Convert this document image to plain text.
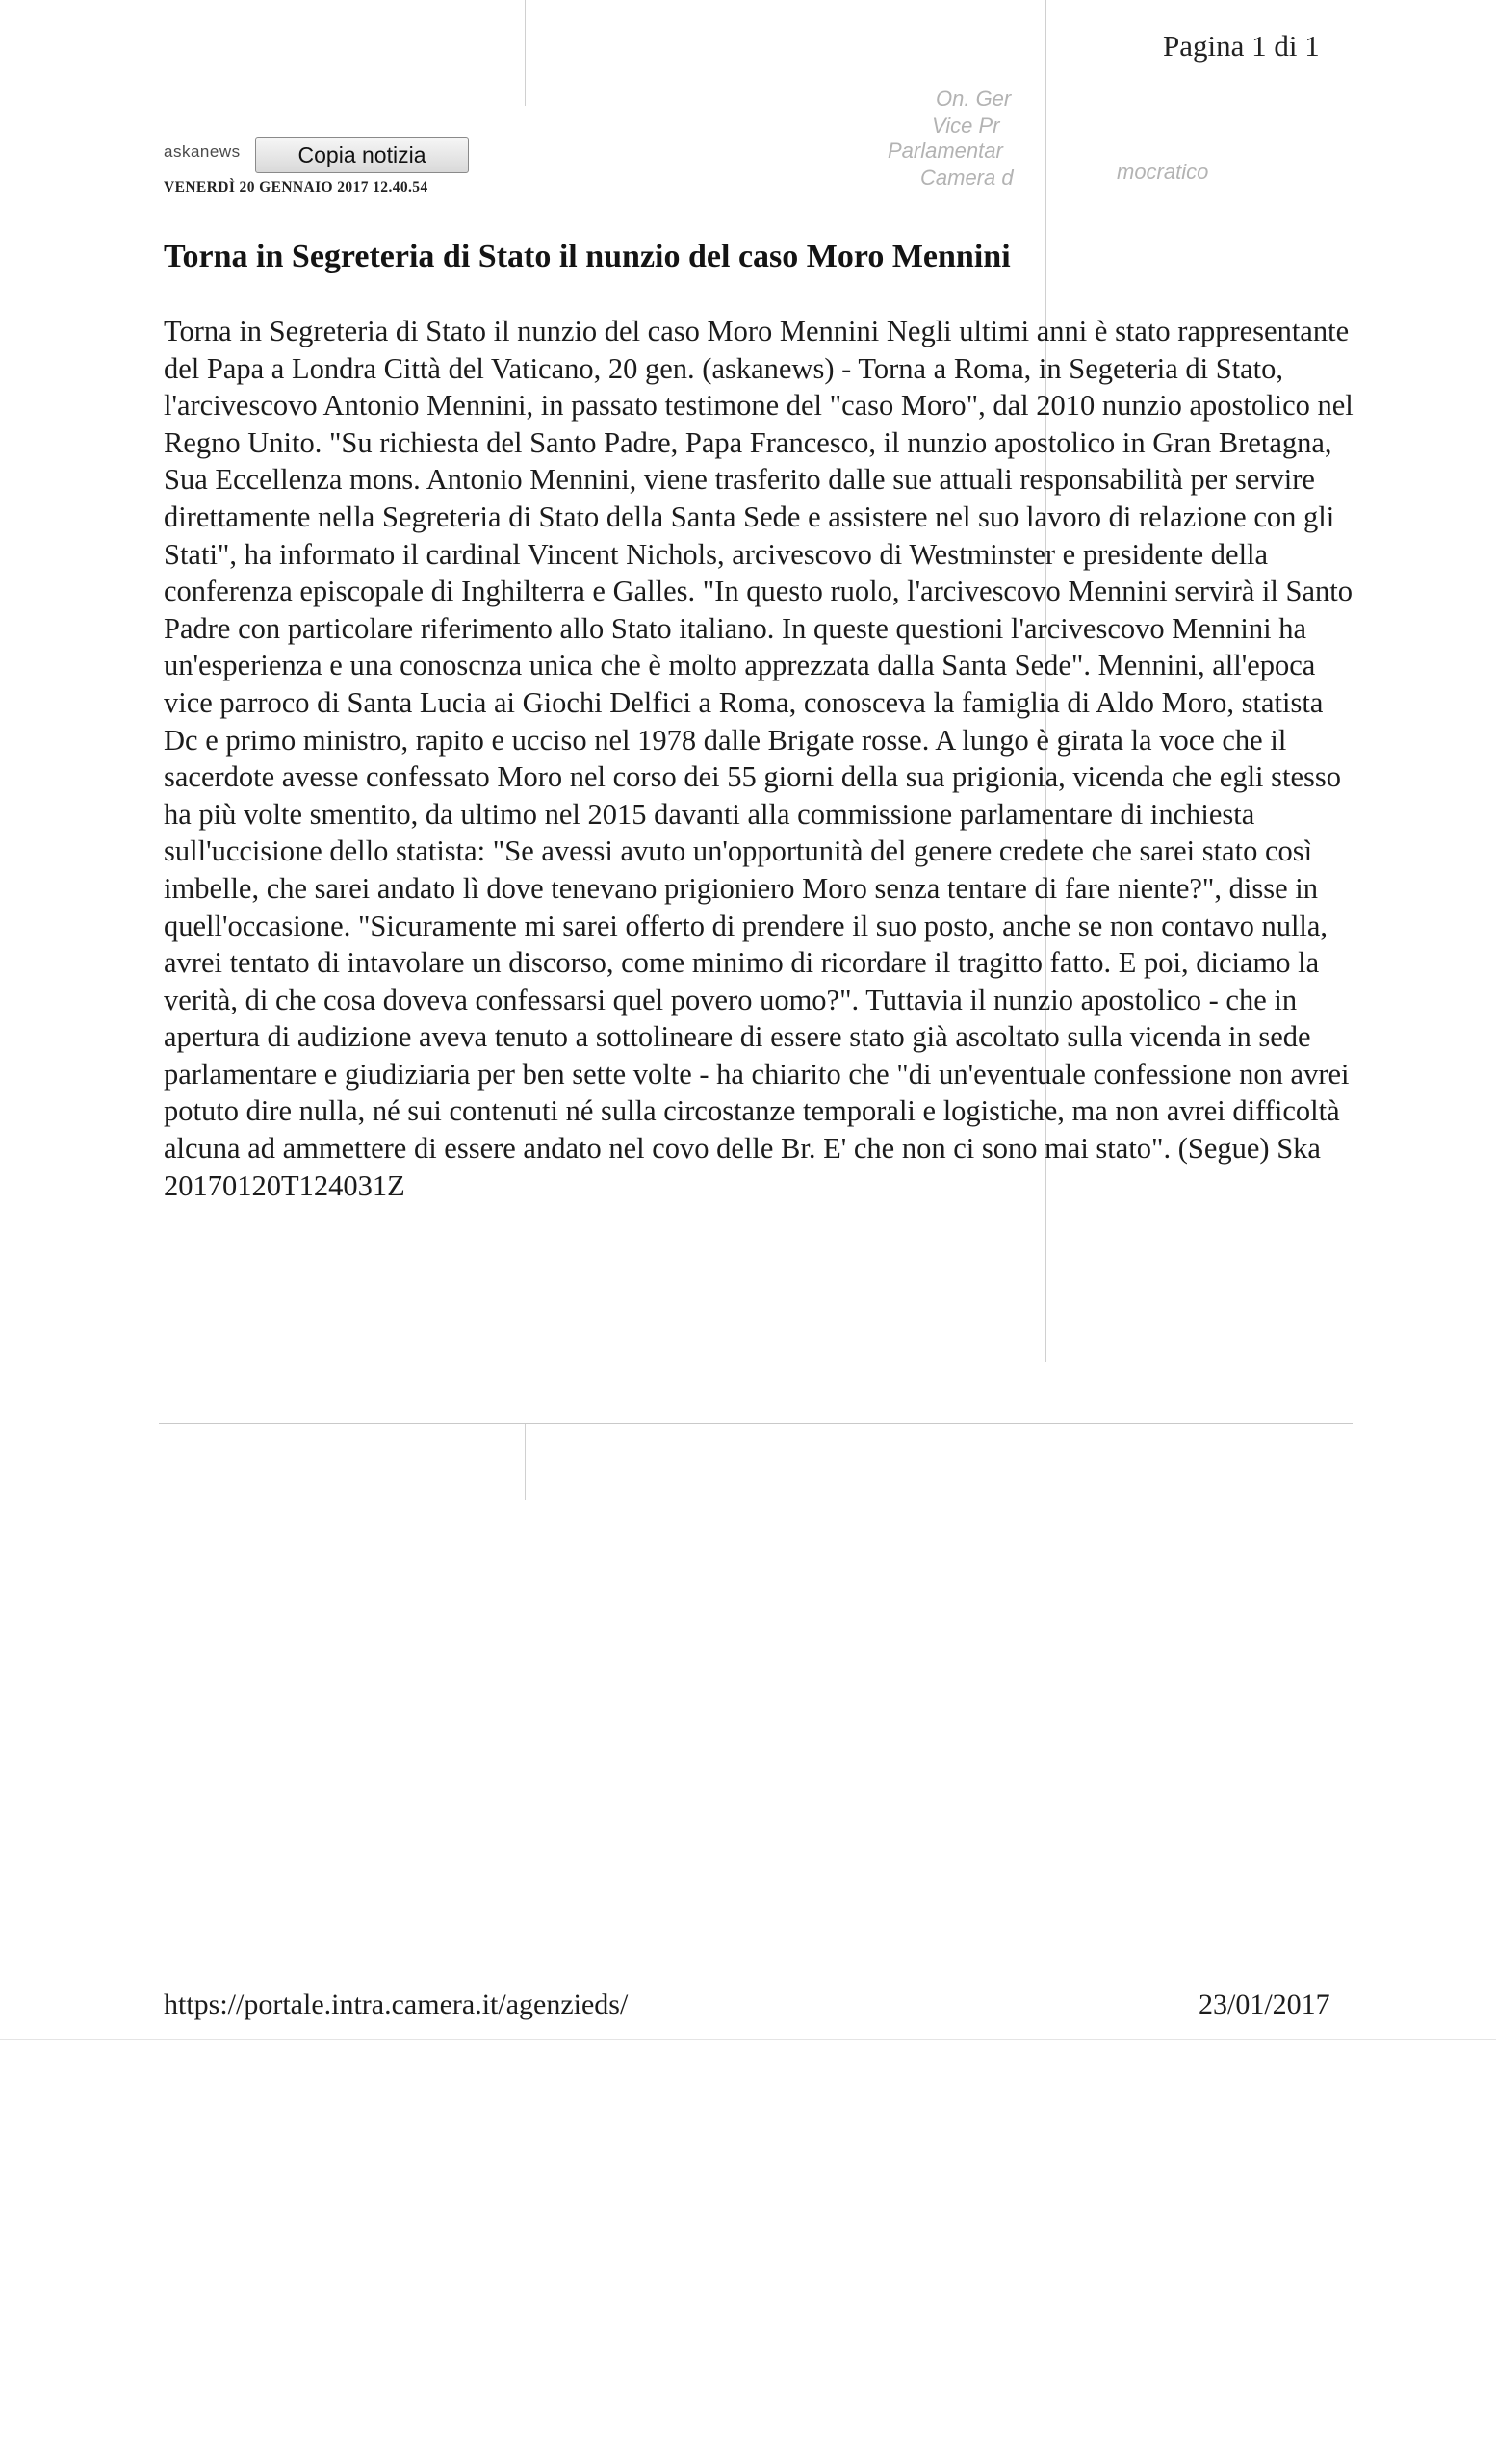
Pagina 1 di 1
askanews	Copia notizia
VENERDÌ 20 GENNAIO 2017 12.40.54
On. Ger
Vice Pr
Parlamentar
Camera d	mocratico
Torna in Segreteria di Stato il nunzio del caso Moro Mennini

Torna in Segreteria di Stato il nunzio del caso Moro Mennini Negli ultimi anni è stato rappresentante del Papa a Londra Città del Vaticano, 20 gen. (askanews) - Torna a Roma, in Segeteria di Stato, l'arcivescovo Antonio Mennini, in passato testimone del "caso Moro", dal 2010 nunzio apostolico nel Regno Unito. "Su richiesta del Santo Padre, Papa Francesco, il nunzio apostolico in Gran Bretagna, Sua Eccellenza mons. Antonio Mennini, viene trasferito dalle sue attuali responsabilità per servire direttamente nella Segreteria di Stato della Santa Sede e assistere nel suo lavoro di relazione con gli Stati", ha informato il cardinal Vincent Nichols, arcivescovo di Westminster e presidente della conferenza episcopale di Inghilterra e Galles. "In questo ruolo, l'arcivescovo Mennini servirà il Santo Padre con particolare riferimento allo Stato italiano. In queste questioni l'arcivescovo Mennini ha un'esperienza e una conoscnza unica che è molto apprezzata dalla Santa Sede". Mennini, all'epoca vice parroco di Santa Lucia ai Giochi Delfici a Roma, conosceva la famiglia di Aldo Moro, statista Dc e primo ministro, rapito e ucciso nel 1978 dalle Brigate rosse. A lungo è girata la voce che il sacerdote avesse confessato Moro nel corso dei 55 giorni della sua prigionia, vicenda che egli stesso ha più volte smentito, da ultimo nel 2015 davanti alla commissione parlamentare di inchiesta sull'uccisione dello statista: "Se avessi avuto un'opportunità del genere credete che sarei stato così imbelle, che sarei andato lì dove tenevano prigioniero Moro senza tentare di fare niente?", disse in quell'occasione. "Sicuramente mi sarei offerto di prendere il suo posto, anche se non contavo nulla, avrei tentato di intavolare un discorso, come minimo di ricordare il tragitto fatto. E poi, diciamo la verità, di che cosa doveva confessarsi quel povero uomo?". Tuttavia il nunzio apostolico - che in apertura di audizione aveva tenuto a sottolineare di essere stato già ascoltato sulla vicenda in sede parlamentare e giudiziaria per ben sette volte - ha chiarito che "di un'eventuale confessione non avrei potuto dire nulla, né sui contenuti né sulla circostanze temporali e logistiche, ma non avrei difficoltà alcuna ad ammettere di essere andato nel covo delle Br. E' che non ci sono mai stato". (Segue) Ska 20170120T124031Z

https://portale.intra.camera.it/agenzieds/	23/01/2017
